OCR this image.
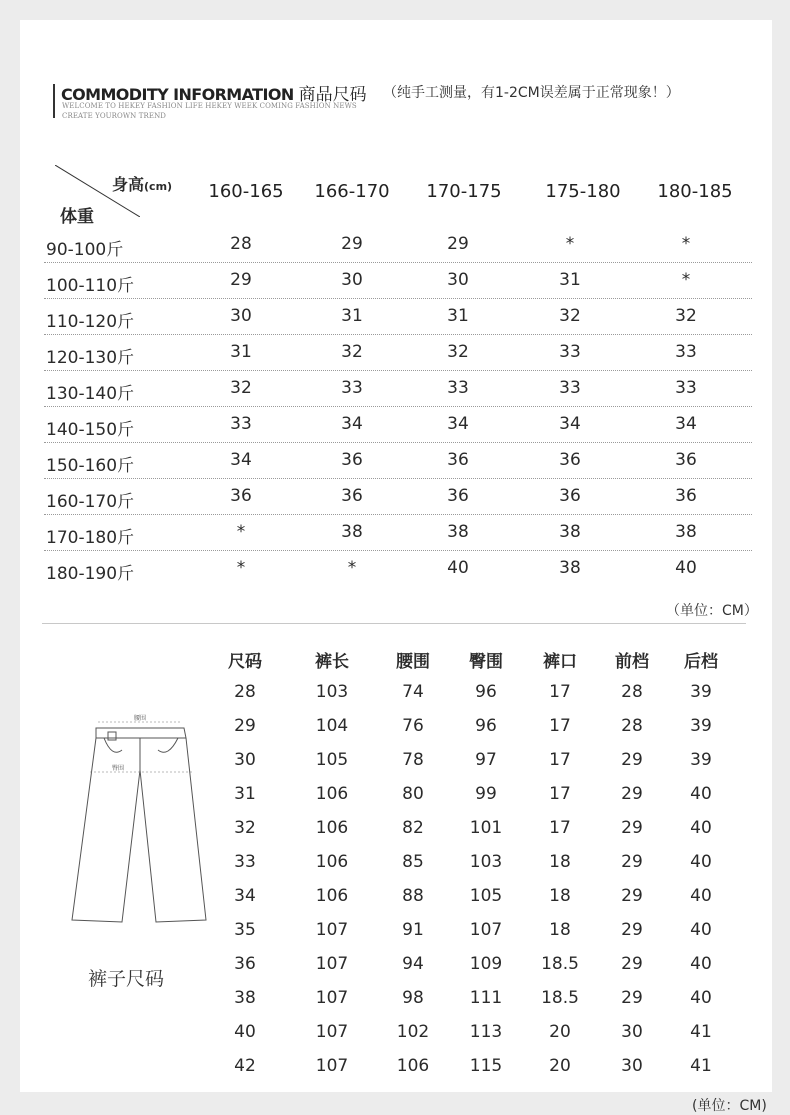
COMMODITY INFORMATION 商品尺码 （纯手工测量，有1-2CM误差属于正常现象！）
WELCOME TO HEKEY FASHION LIFE HEKEY WEEK COMING FASHION NEWS
CREATE YOUROWN TREND
身高(cm)
体重
160-165 166-170 170-175 175-180 180-185
90-100斤	28	29	29	*	*
100-110斤	29	30	30	31	*
110-120斤	30	31	31	32	32
120-130斤	31	32	32	33	33
130-140斤	32	33	33	33	33
140-150斤	33	34	34	34	34
150-160斤	34	36	36	36	36
160-170斤	36	36	36	36	36
170-180斤	*	38	38	38	38
180-190斤	*	*	40	38	40
（单位：CM）
尺码	裤长	腰围 臀围 裤口 前档 后档
28	103	74	96	17	28	39
29	104	76	96	17	28	39
30	105	78	97	17	29	39
31	106	80	99	17	29	40
32	106	82	101	17	29	40
33	106	85	103	18	29	40
34	106	88	105	18	29	40
35	107	91	107	18	29	40
36	107	94	109 18.5 29	40
38	107	98	111 18.5 29	40
40	107	102 113	20	30	41
42	107	106 115	20	30	41
腰围
臀围
裤子尺码
(单位：CM)
